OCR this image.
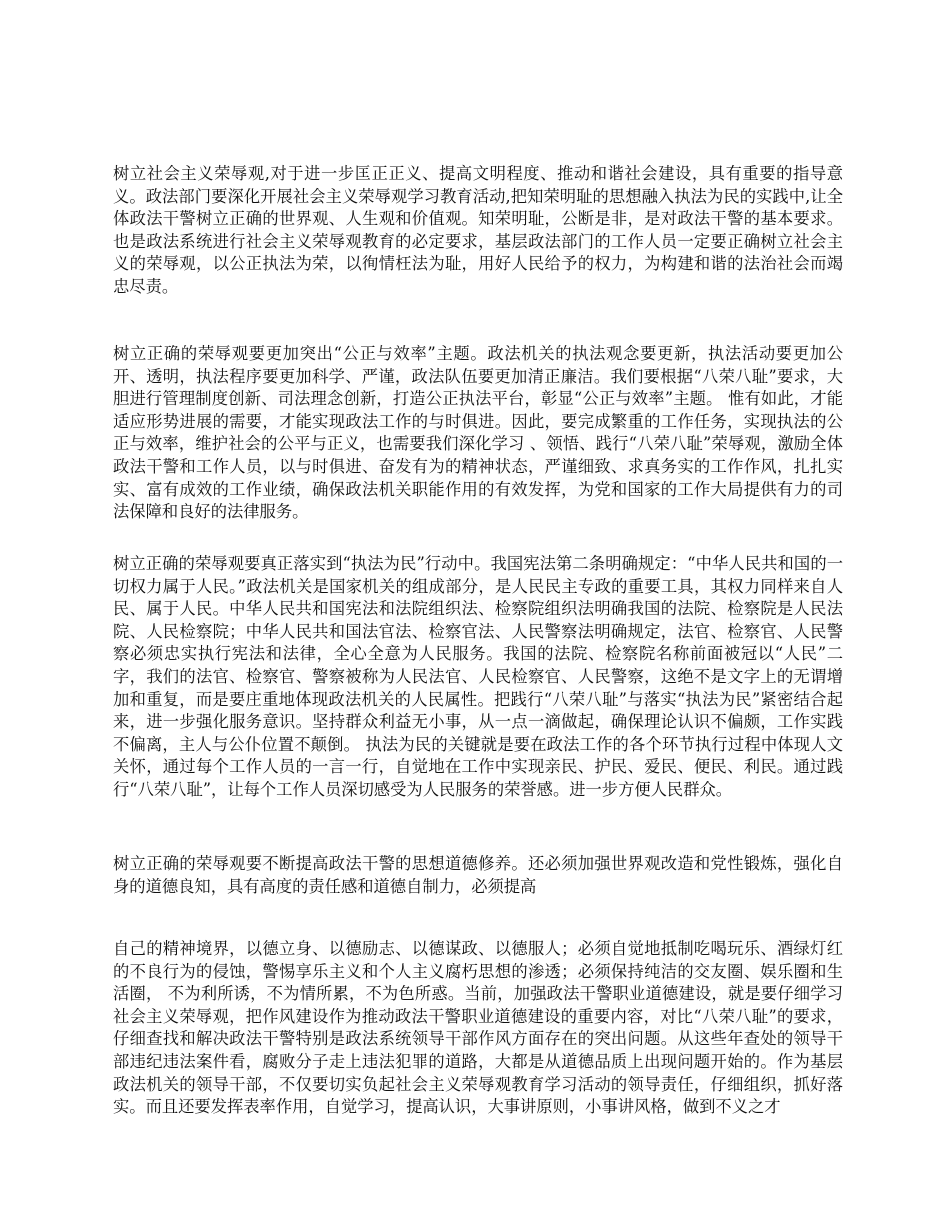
树立社会主义荣辱观,对于进一步匡正正义、提高文明程度、推动和谐社会建设，具有重要的指导意义。政法部门要深化开展社会主义荣辱观学习教育活动,把知荣明耻的思想融入执法为民的实践中,让全体政法干警树立正确的世界观、人生观和价值观。知荣明耻，公断是非，是对政法干警的基本要求。也是政法系统进行社会主义荣辱观教育的必定要求，基层政法部门的工作人员一定要正确树立社会主义的荣辱观，以公正执法为荣，以徇情枉法为耻，用好人民给予的权力，为构建和谐的法治社会而竭忠尽责。

树立正确的荣辱观要更加突出“公正与效率”主题。政法机关的执法观念要更新，执法活动要更加公开、透明，执法程序要更加科学、严谨，政法队伍要更加清正廉洁。我们要根据“八荣八耻”要求，大胆进行管理制度创新、司法理念创新，打造公正执法平台，彰显“公正与效率”主题。 惟有如此，才能适应形势进展的需要，才能实现政法工作的与时俱进。因此，要完成繁重的工作任务，实现执法的公正与效率，维护社会的公平与正义，也需要我们深化学习 、领悟、践行“八荣八耻”荣辱观，激励全体政法干警和工作人员，以与时俱进、奋发有为的精神状态，严谨细致、求真务实的工作作风，扎扎实实、富有成效的工作业绩，确保政法机关职能作用的有效发挥，为党和国家的工作大局提供有力的司法保障和良好的法律服务。

树立正确的荣辱观要真正落实到“执法为民”行动中。我国宪法第二条明确规定：“中华人民共和国的一切权力属于人民。”政法机关是国家机关的组成部分，是人民民主专政的重要工具，其权力同样来自人民、属于人民。中华人民共和国宪法和法院组织法、检察院组织法明确我国的法院、检察院是人民法院、人民检察院；中华人民共和国法官法、检察官法、人民警察法明确规定，法官、检察官、人民警察必须忠实执行宪法和法律，全心全意为人民服务。我国的法院、检察院名称前面被冠以“人民”二字，我们的法官、检察官、警察被称为人民法官、人民检察官、人民警察，这绝不是文字上的无谓增加和重复，而是要庄重地体现政法机关的人民属性。把践行“八荣八耻”与落实“执法为民”紧密结合起来，进一步强化服务意识。坚持群众利益无小事，从一点一滴做起，确保理论认识不偏颇，工作实践不偏离，主人与公仆位置不颠倒。 执法为民的关键就是要在政法工作的各个环节执行过程中体现人文关怀，通过每个工作人员的一言一行，自觉地在工作中实现亲民、护民、爱民、便民、利民。通过践行“八荣八耻”，让每个工作人员深切感受为人民服务的荣誉感。进一步方便人民群众。

树立正确的荣辱观要不断提高政法干警的思想道德修养。还必须加强世界观改造和党性锻炼，强化自身的道德良知，具有高度的责任感和道德自制力，必须提高

自己的精神境界，以德立身、以德励志、以德谋政、以德服人；必须自觉地抵制吃喝玩乐、酒绿灯红的不良行为的侵蚀，警惕享乐主义和个人主义腐朽思想的渗透；必须保持纯洁的交友圈、娱乐圈和生活圈， 不为利所诱，不为情所累，不为色所惑。当前，加强政法干警职业道德建设，就是要仔细学习社会主义荣辱观，把作风建设作为推动政法干警职业道德建设的重要内容，对比“八荣八耻”的要求，仔细查找和解决政法干警特别是政法系统领导干部作风方面存在的突出问题。从这些年查处的领导干部违纪违法案件看，腐败分子走上违法犯罪的道路，大都是从道德品质上出现问题开始的。作为基层政法机关的领导干部，不仅要切实负起社会主义荣辱观教育学习活动的领导责任，仔细组织，抓好落实。而且还要发挥表率作用，自觉学习，提高认识，大事讲原则，小事讲风格，做到不义之才
